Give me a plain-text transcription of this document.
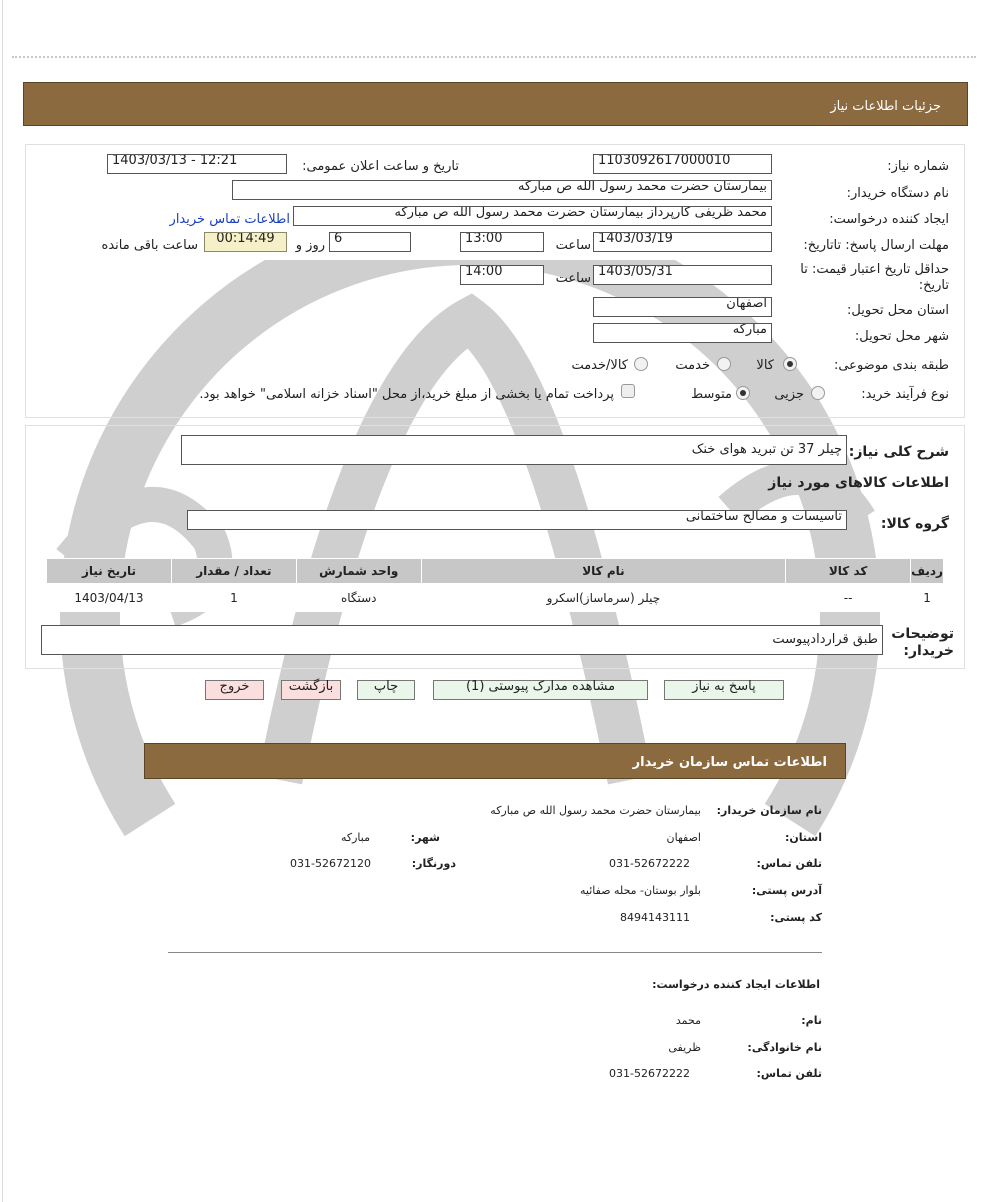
جزئیات اطلاعات نیاز
شماره نیاز:
1103092617000010
تاریخ و ساعت اعلان عمومی:
1403/03/13 - 12:21
نام دستگاه خریدار:
بیمارستان حضرت محمد رسول الله ص مبارکه
ایجاد کننده درخواست:
محمد ظریفی کارپرداز بیمارستان حضرت محمد رسول الله ص مبارکه
اطلاعات تماس خریدار
مهلت ارسال پاسخ: تاتاریخ:
1403/03/19
ساعت
13:00
6
روز و
00:14:49
ساعت باقی مانده
حداقل تاریخ اعتبار قیمت: تا تاریخ:
1403/05/31
ساعت
14:00
استان محل تحویل:
اصفهان
شهر محل تحویل:
مبارکه
طبقه بندی موضوعی:
کالا
خدمت
کالا/خدمت
نوع فرآیند خرید:
جزیی
متوسط
پرداخت تمام یا بخشی از مبلغ خرید،از محل "اسناد خزانه اسلامی" خواهد بود.
شرح کلی نیاز:
چیلر 37 تن تبرید هوای خنک
اطلاعات کالاهای مورد نیاز
گروه کالا:
تاسیسات و مصالح ساختمانی
ردیف	کد کالا	نام کالا	واحد شمارش	تعداد / مقدار	تاریخ نیاز
1	--	چیلر (سرماساز)اسکرو	دستگاه	1	1403/04/13
توضیحات خریدار:
طبق قراردادپیوست
پاسخ به نیاز
مشاهده مدارک پیوستی (1)
چاپ
بازگشت
خروج
اطلاعات تماس سازمان خریدار
نام سازمان خریدار:
بیمارستان حضرت محمد رسول الله ص مبارکه
استان:
اصفهان
شهر:
مبارکه
تلفن تماس:
031-52672222
دورنگار:
031-52672120
آدرس پستی:
بلوار بوستان- محله صفائیه
کد پستی:
8494143111
اطلاعات ایجاد کننده درخواست:
نام:
محمد
نام خانوادگی:
ظریفی
تلفن تماس:
031-52672222
